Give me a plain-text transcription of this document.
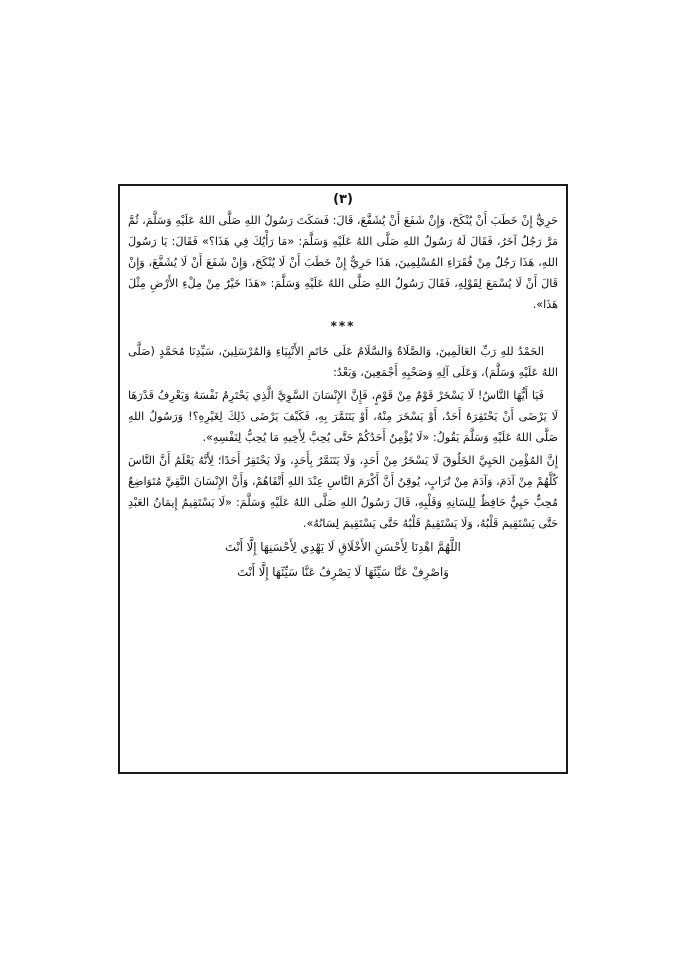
(٣)

حَرِيٌّ إِنْ خَطَبَ أَنْ يُنْكَحَ، وَإِنْ شَفَعَ أَنْ يُشَفَّعَ، قَالَ: فَسَكَتَ رَسُولُ اللهِ صَلَّى اللهُ عَلَيْهِ وَسَلَّمَ، ثُمَّ مَرَّ رَجُلٌ آخَرُ، فَقَالَ لَهُ رَسُولُ اللهِ صَلَّى اللهُ عَلَيْهِ وَسَلَّمَ: «مَا رَأْيُكَ فِي هَذَا؟» فَقَالَ: يَا رَسُولَ اللهِ، هَذَا رَجُلٌ مِنْ فُقَرَاءِ المُسْلِمِينَ، هَذَا حَرِيٌّ إِنْ خَطَبَ أَنْ لَا يُنْكَحَ، وَإِنْ شَفَعَ أَنْ لَا يُشَفَّعَ، وَإِنْ قَالَ أَنْ لَا يُسْمَعَ لِقَوْلِهِ، فَقَالَ رَسُولُ اللهِ صَلَّى اللهُ عَلَيْهِ وَسَلَّمَ: «هَذَا خَيْرٌ مِنْ مِلْءِ الأَرْضِ مِثْلَ هَذَا».

***

الحَمْدُ للهِ رَبِّ العَالَمِينَ، وَالصَّلَاةُ وَالسَّلَامُ عَلَى خَاتَمِ الأَنْبِيَاءِ وَالمُرْسَلِينَ، سَيِّدِنَا مُحَمَّدٍ (صَلَّى اللهُ عَلَيْهِ وَسَلَّمَ)، وَعَلَى آلِهِ وَصَحْبِهِ أَجْمَعِينَ، وَبَعْدُ:

فَيَا أَيُّهَا النَّاسُ! لَا يَسْخَرْ قَوْمٌ مِنْ قَوْمٍ، فَإِنَّ الإِنْسَانَ السَّوِيَّ الَّذِي يَحْتَرِمُ نَفْسَهُ وَيَعْرِفُ قَدْرَهَا لَا يَرْضَى أَنْ يَحْتَقِرَهُ أَحَدٌ، أَوْ يَسْخَرَ مِنْهُ، أَوْ يَتَنَمَّرَ بِهِ، فَكَيْفَ يَرْضَى ذَلِكَ لِغَيْرِهِ؟! وَرَسُولُ اللهِ صَلَّى اللهُ عَلَيْهِ وَسَلَّمَ يَقُولُ: «لَا يُؤْمِنُ أَحَدُكُمْ حَتَّى يُحِبَّ لِأَخِيهِ مَا يُحِبُّ لِنَفْسِهِ».

إِنَّ المُؤْمِنَ الحَيِيَّ الخَلُوقَ لَا يَسْخَرُ مِنْ أَحَدٍ، وَلَا يَتَنَمَّرُ بِأَحَدٍ، وَلَا يَحْتَقِرُ أَحَدًا؛ لِأَنَّهُ يَعْلَمُ أَنَّ النَّاسَ كُلَّهُمْ مِنْ آدَمَ، وَآدَمَ مِنْ تُرَابٍ، يُوقِنُ أَنَّ أَكْرَمَ النَّاسِ عِنْدَ اللهِ أَتْقَاهُمْ، وَأَنَّ الإِنْسَانَ التَّقِيَّ مُتَوَاضِعٌ مُحِبٌّ حَيِيٌّ حَافِظٌ لِلِسَانِهِ وَقَلْبِهِ، قَالَ رَسُولُ اللهِ صَلَّى اللهُ عَلَيْهِ وَسَلَّمَ: «لَا يَسْتَقِيمُ إِيمَانُ العَبْدِ حَتَّى يَسْتَقِيمَ قَلْبُهُ، وَلَا يَسْتَقِيمُ قَلْبُهُ حَتَّى يَسْتَقِيمَ لِسَانُهُ».

اللَّهُمَّ اهْدِنَا لِأَحْسَنِ الأَخْلَاقِ لَا يَهْدِي لِأَحْسَنِهَا إِلَّا أَنْتَ
وَاصْرِفْ عَنَّا سَيِّئَهَا لَا يَصْرِفُ عَنَّا سَيِّئَهَا إِلَّا أَنْتَ
